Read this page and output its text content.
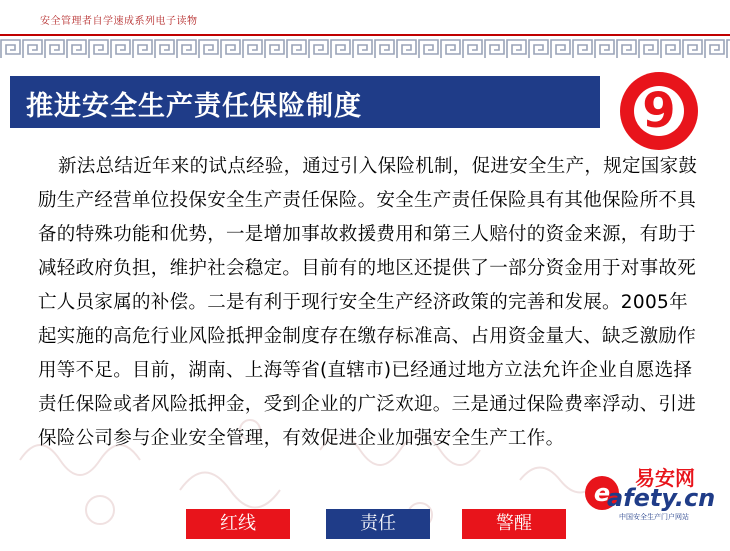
安全管理者自学速成系列电子读物
推进安全生产责任保险制度	9
新法总结近年来的试点经验，通过引入保险机制，促进安全生产，规定国家鼓励生产经营单位投保安全生产责任保险。安全生产责任保险具有其他保险所不具备的特殊功能和优势，一是增加事故救援费用和第三人赔付的资金来源，有助于减轻政府负担，维护社会稳定。目前有的地区还提供了一部分资金用于对事故死亡人员家属的补偿。二是有利于现行安全生产经济政策的完善和发展。2005年起实施的高危行业风险抵押金制度存在缴存标准高、占用资金量大、缺乏激励作用等不足。目前，湖南、上海等省(直辖市)已经通过地方立法允许企业自愿选择责任保险或者风险抵押金，受到企业的广泛欢迎。三是通过保险费率浮动、引进保险公司参与企业安全管理，有效促进企业加强安全生产工作。
红线	责任	警醒
e
易安网
afety.cn
中国安全生产门户网站
